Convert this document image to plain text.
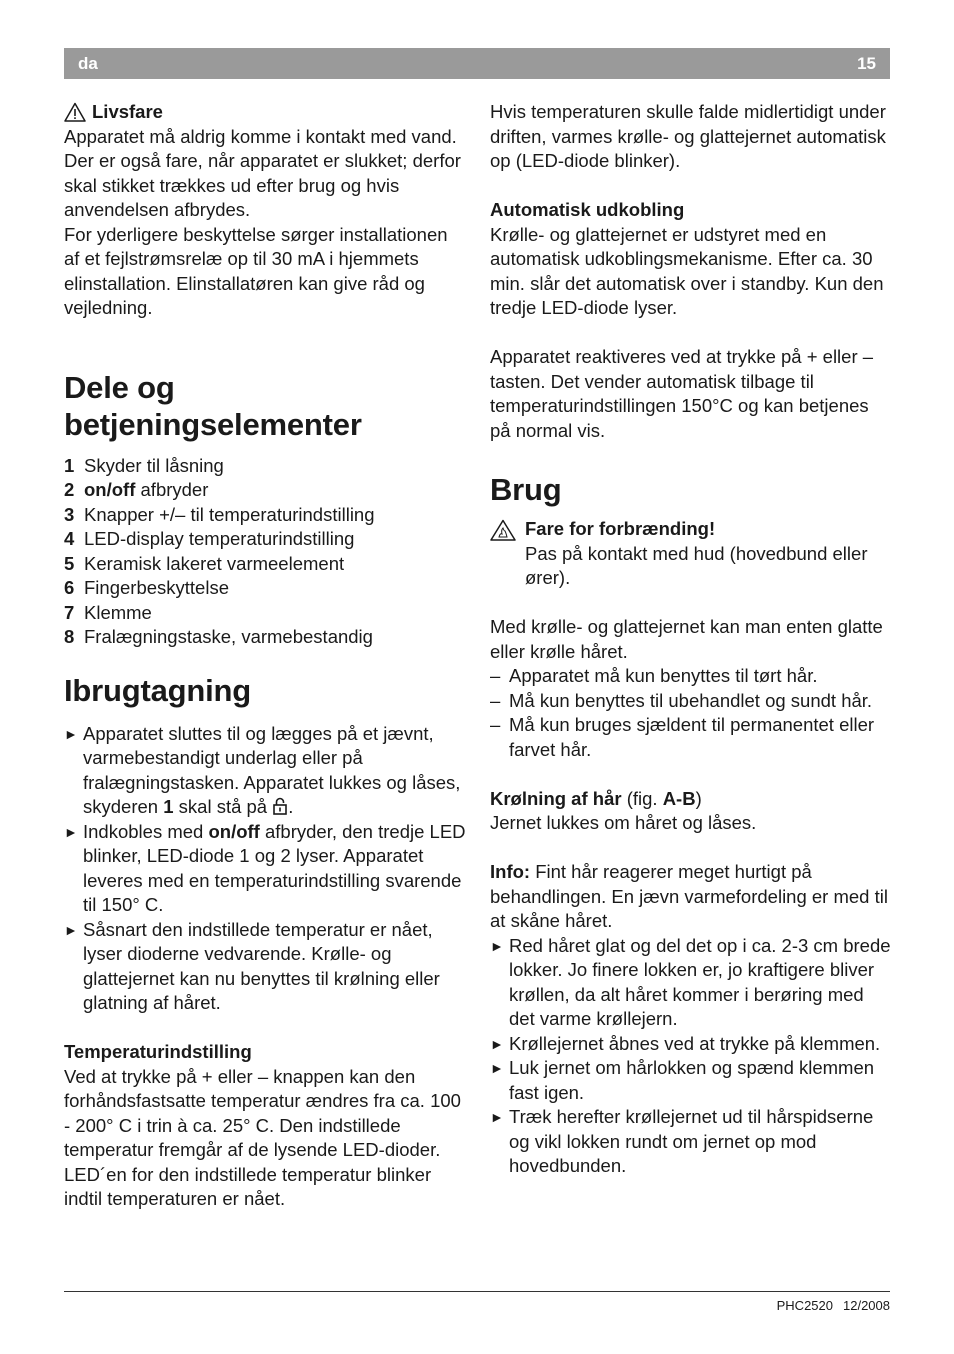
da	15
Livsfare

Apparatet må aldrig komme i kontakt med vand. Der er også fare, når apparatet er slukket; derfor skal stikket trækkes ud efter brug og hvis anvendelsen afbrydes.

For yderligere beskyttelse sørger installationen af et fejlstrømsrelæ op til 30 mA i hjemmets elinstallation. Elinstallatøren kan give råd og vejledning.

Dele og
betjeningselementer
1 Skyder til låsning
2 on/off afbryder
3 Knapper +/– til temperaturindstilling
4 LED-display temperaturindstilling
5 Keramisk lakeret varmeelement
6 Fingerbeskyttelse
7 Klemme
8 Fralægningstaske, varmebestandig
Ibrugtagning
► Apparatet sluttes til og lægges på et jævnt, varmebestandigt underlag eller på fralægningstasken. Apparatet lukkes og låses, skyderen 1 skal stå på .
► Indkobles med on/off afbryder, den tredje LED blinker, LED-diode 1 og 2 lyser. Apparatet leveres med en temperaturindstilling svarende til 150° C.
► Såsnart den indstillede temperatur er nået, lyser dioderne vedvarende. Krølle- og glattejernet kan nu benyttes til krølning eller glatning af håret.

Temperaturindstilling

Ved at trykke på + eller – knappen kan den forhåndsfastsatte temperatur ændres fra ca. 100 - 200° C i trin à ca. 25° C. Den indstillede temperatur fremgår af de lysende LED-dioder. LED´en for den indstillede temperatur blinker indtil temperaturen er nået.

Hvis temperaturen skulle falde midlertidigt under driften, varmes krølle- og glattejernet automatisk op (LED-diode blinker).

Automatisk udkobling

Krølle- og glattejernet er udstyret med en automatisk udkoblingsmekanisme. Efter ca. 30 min. slår det automatisk over i standby. Kun den tredje LED-diode lyser.

Apparatet reaktiveres ved at trykke på + eller – tasten. Det vender automatisk tilbage til temperaturindstillingen 150°C og kan betjenes på normal vis.

Brug
Fare for forbrænding!

Pas på kontakt med hud (hovedbund eller ører).

Med krølle- og glattejernet kan man enten glatte eller krølle håret.

– Apparatet må kun benyttes til tørt hår.
– Må kun benyttes til ubehandlet og sundt hår.
– Må kun bruges sjældent til permanentet eller farvet hår.

Krølning af hår (fig. A-B)

Jernet lukkes om håret og låses.

Info: Fint hår reagerer meget hurtigt på behandlingen. En jævn varmefordeling er med til at skåne håret.

► Red håret glat og del det op i ca. 2-3 cm brede lokker. Jo finere lokken er, jo kraftigere bliver krøllen, da alt håret kommer i berøring med det varme krøllejern.
► Krøllejernet åbnes ved at trykke på klemmen.
► Luk jernet om hårlokken og spænd klemmen fast igen.
► Træk herefter krøllejernet ud til hårspidserne og vikl lokken rundt om jernet op mod hovedbunden.
PHC2520 12/2008
